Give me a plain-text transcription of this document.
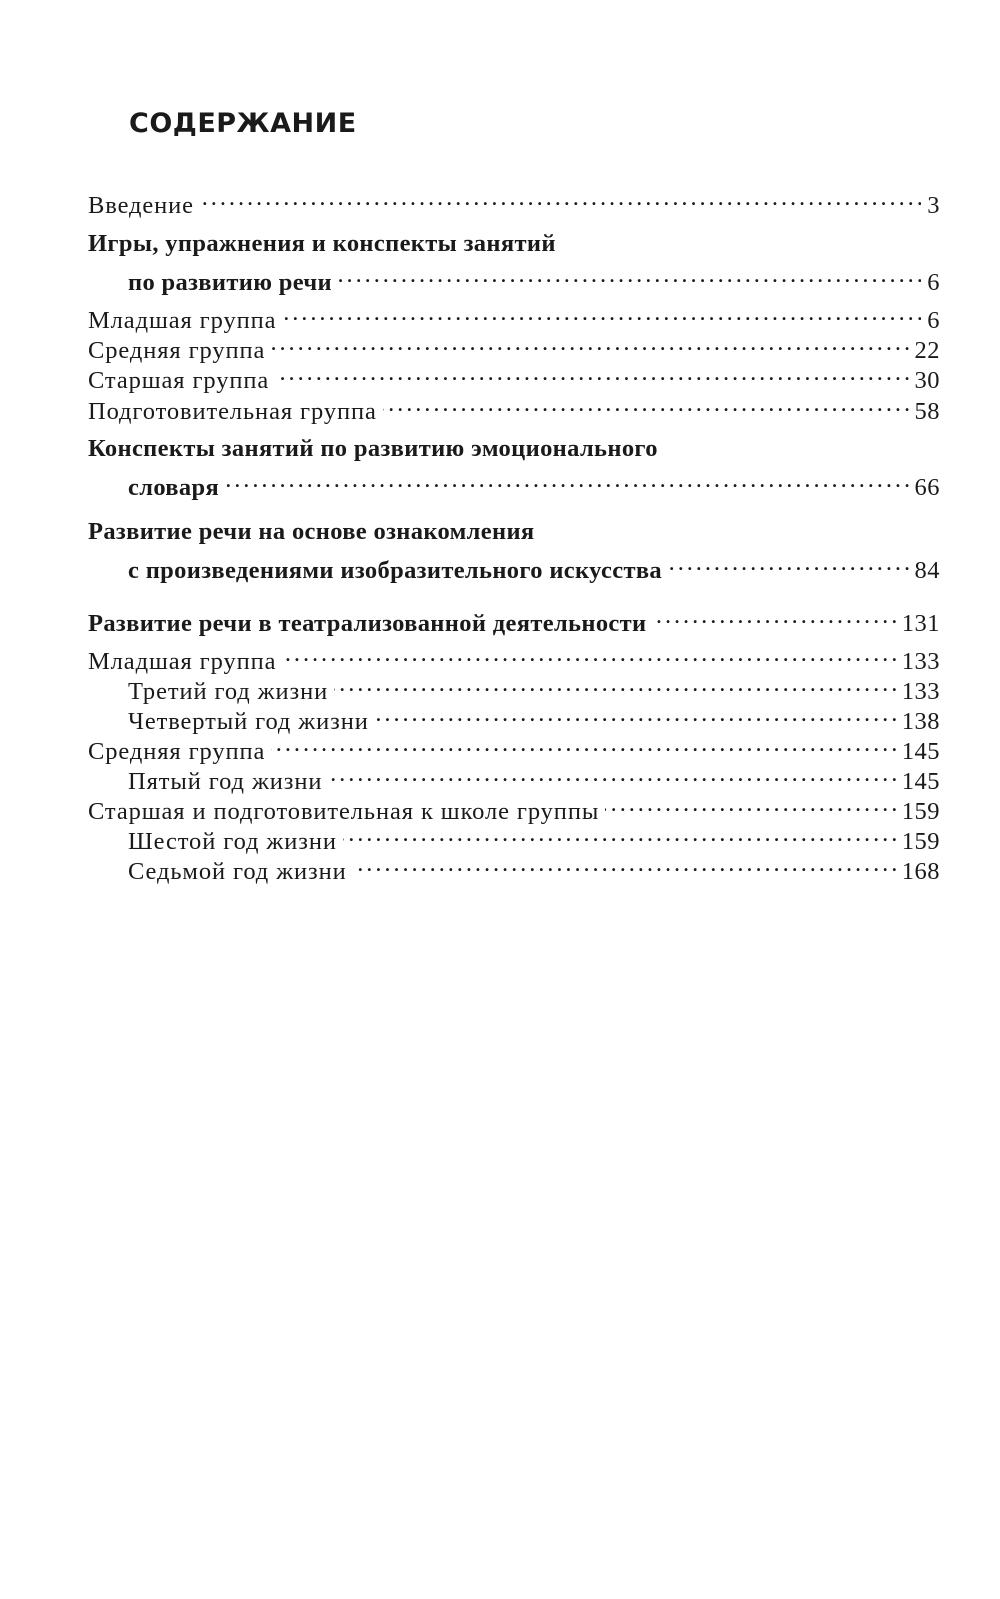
СОДЕРЖАНИЕ
Введение . . .	3
Игры, упражнения и конспекты занятий
по развитию речи . . .	6
Младшая группа . . .	6
Средняя группа . . .	22
Старшая группа . . .	30
Подготовительная группа . . .	58
Конспекты занятий по развитию эмоционального
словаря . . .	66
Развитие речи на основе ознакомления
с произведениями изобразительного искусства . . .	84
Развитие речи в театрализованной деятельности . . .	131
Младшая группа . . .	133
Третий год жизни . . .	133
Четвертый год жизни . . .	138
Средняя группа . . .	145
Пятый год жизни . . .	145
Старшая и подготовительная к школе группы . . .	159
Шестой год жизни . . .	159
Седьмой год жизни . . .	168
